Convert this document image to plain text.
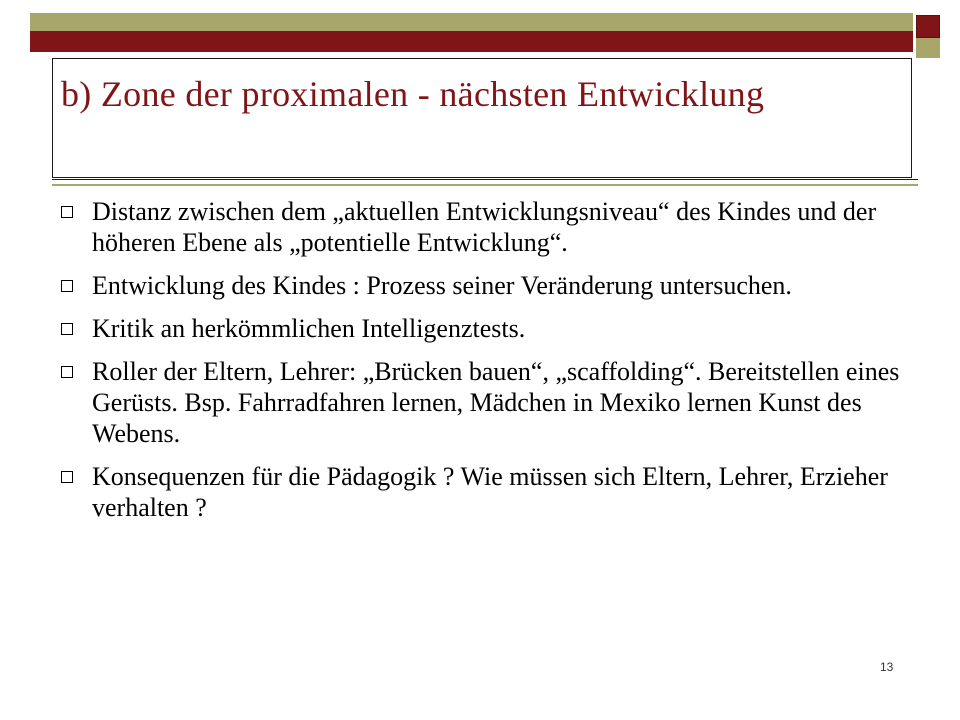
b) Zone der proximalen - nächsten Entwicklung
Distanz zwischen dem „aktuellen Entwicklungsniveau“ des Kindes und der höheren Ebene als „potentielle Entwicklung“.
Entwicklung des Kindes : Prozess seiner Veränderung untersuchen.
Kritik an herkömmlichen Intelligenztests.
Roller der Eltern, Lehrer: „Brücken bauen“, „scaffolding“. Bereitstellen eines Gerüsts. Bsp. Fahrradfahren lernen, Mädchen in Mexiko lernen Kunst des Webens.
Konsequenzen für die Pädagogik ? Wie müssen sich Eltern, Lehrer, Erzieher verhalten ?
13
